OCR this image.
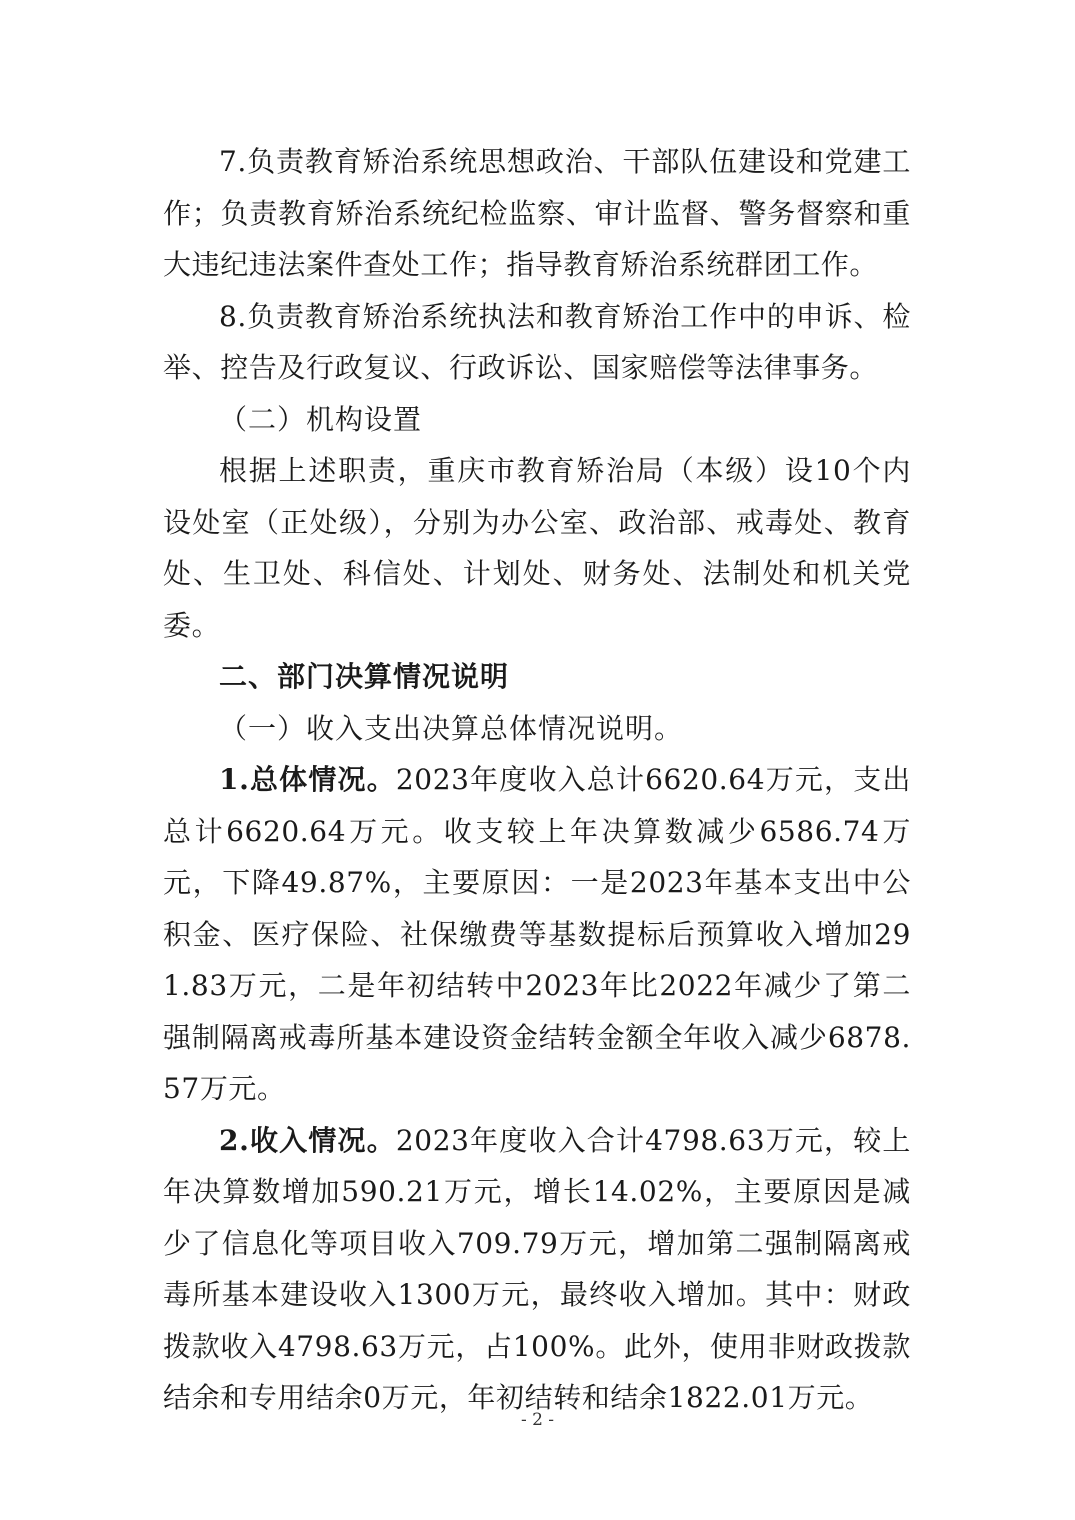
7.负责教育矫治系统思想政治、干部队伍建设和党建工作；负责教育矫治系统纪检监察、审计监督、警务督察和重大违纪违法案件查处工作；指导教育矫治系统群团工作。

8.负责教育矫治系统执法和教育矫治工作中的申诉、检举、控告及行政复议、行政诉讼、国家赔偿等法律事务。

（二）机构设置

根据上述职责，重庆市教育矫治局（本级）设10个内设处室（正处级），分别为办公室、政治部、戒毒处、教育处、生卫处、科信处、计划处、财务处、法制处和机关党委。

二、部门决算情况说明

（一）收入支出决算总体情况说明。

1.总体情况。2023年度收入总计6620.64万元，支出总计6620.64万元。收支较上年决算数减少6586.74万元，下降49.87%，主要原因：一是2023年基本支出中公积金、医疗保险、社保缴费等基数提标后预算收入增加291.83万元，二是年初结转中2023年比2022年减少了第二强制隔离戒毒所基本建设资金结转金额全年收入减少6878.57万元。

2.收入情况。2023年度收入合计4798.63万元，较上年决算数增加590.21万元，增长14.02%，主要原因是减少了信息化等项目收入709.79万元，增加第二强制隔离戒毒所基本建设收入1300万元，最终收入增加。其中：财政拨款收入4798.63万元，占100%。此外，使用非财政拨款结余和专用结余0万元，年初结转和结余1822.01万元。

- 2 -
